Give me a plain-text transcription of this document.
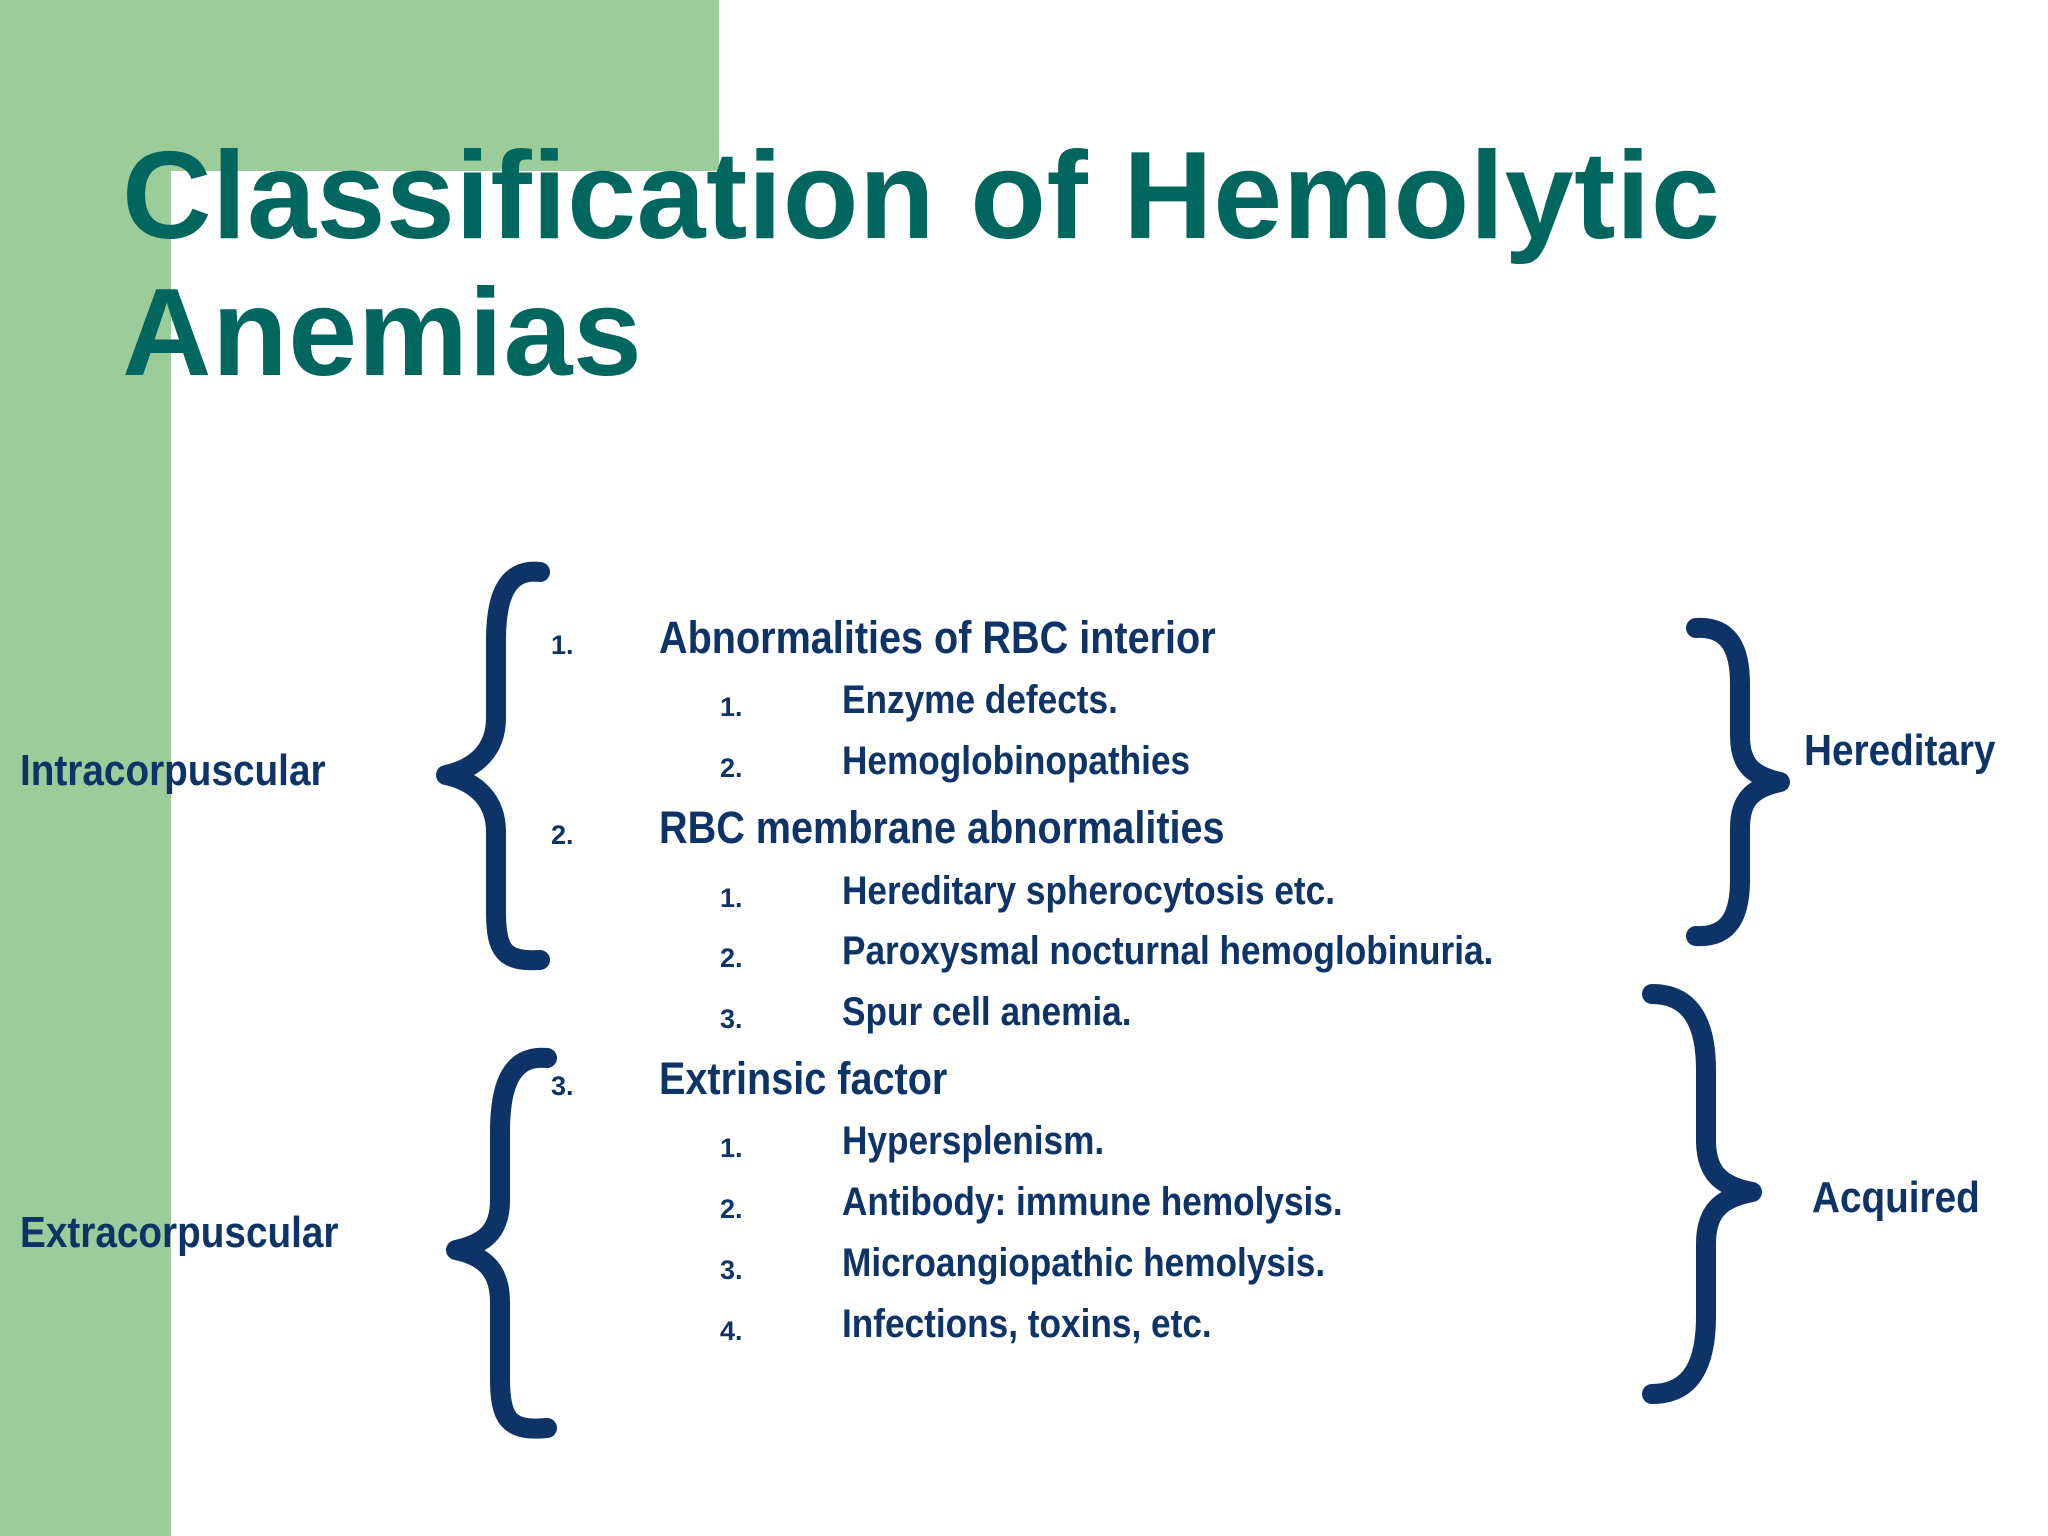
Classification of Hemolytic Anemias
Intracorpuscular
Extracorpuscular
Hereditary
Acquired
1. Abnormalities of RBC interior
1. Enzyme defects.
2. Hemoglobinopathies
2. RBC membrane abnormalities
1. Hereditary spherocytosis etc.
2. Paroxysmal nocturnal hemoglobinuria.
3. Spur cell anemia.
3. Extrinsic factor
1. Hypersplenism.
2. Antibody: immune hemolysis.
3. Microangiopathic hemolysis.
4. Infections, toxins, etc.
